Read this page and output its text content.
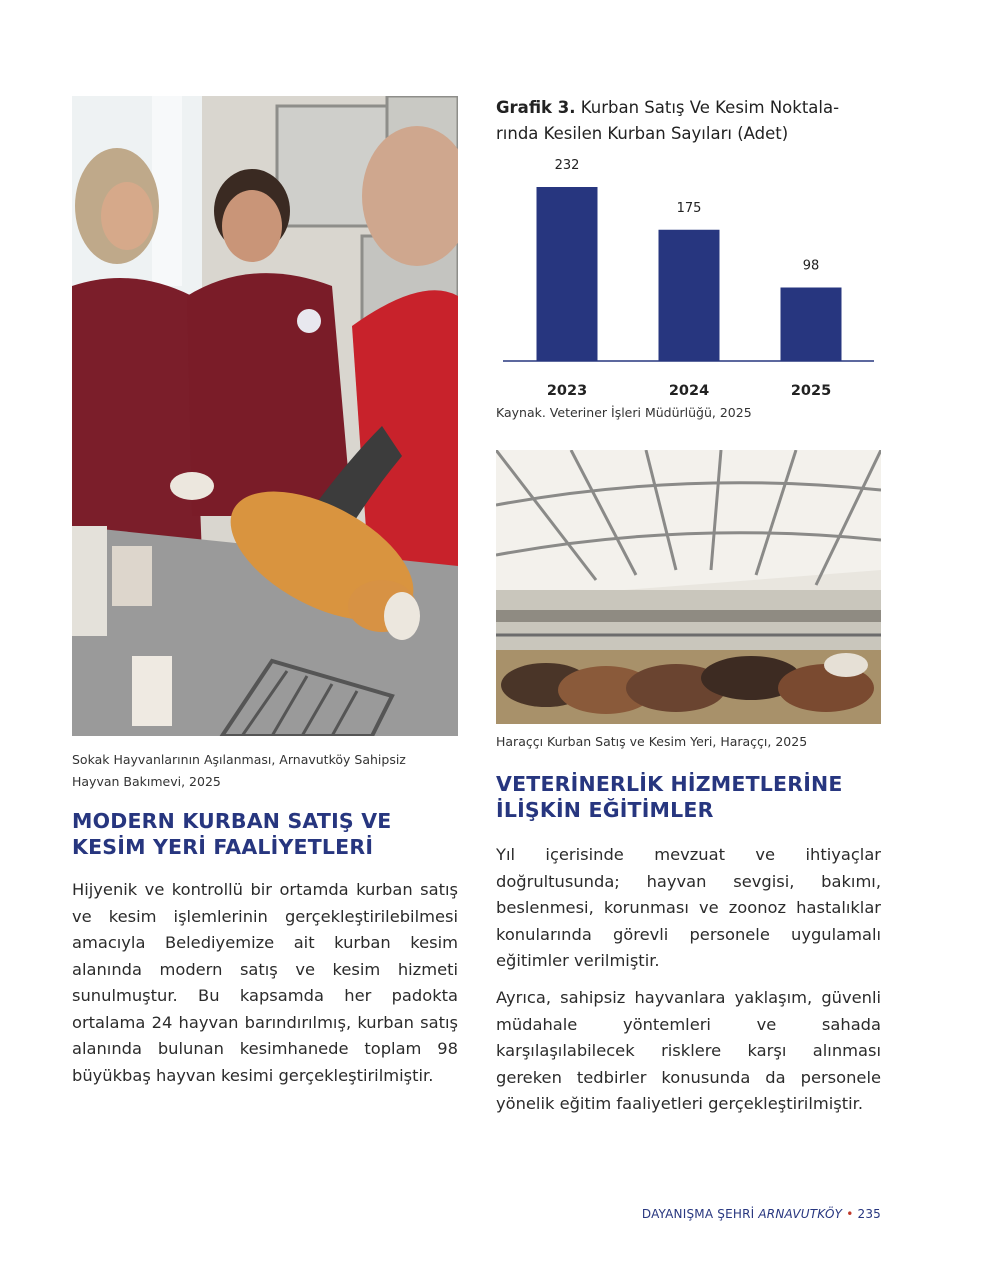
Sokak Hayvanlarının Aşılanması, Arnavutköy Sahipsiz
Hayvan Bakımevi, 2025
MODERN KURBAN SATIŞ VE
KESİM YERİ FAALİYETLERİ

Hijyenik ve kontrollü bir ortamda kurban satış ve kesim işlemlerinin gerçekleştirilebilmesi amacıyla Belediyemize ait kurban kesim alanında modern satış ve kesim hizmeti sunulmuştur. Bu kapsamda her padokta ortalama 24 hayvan barındırılmış, kurban satış alanında bulunan kesimhanede toplam 98 büyükbaş hayvan kesimi gerçekleştirilmiştir.

Grafik 3. Kurban Satış Ve Kesim Noktala-
rında Kesilen Kurban Sayıları (Adet)
232
2023
175
2024
98
2025
Kaynak. Veteriner İşleri Müdürlüğü, 2025
Haraççı Kurban Satış ve Kesim Yeri, Haraççı, 2025
VETERİNERLİK HİZMETLERİNE
İLİŞKİN EĞİTİMLER

Yıl içerisinde mevzuat ve ihtiyaçlar doğrultusunda; hayvan sevgisi, bakımı, beslenmesi, korunması ve zoonoz hastalıklar konularında görevli personele uygulamalı eğitimler verilmiştir.

Ayrıca, sahipsiz hayvanlara yaklaşım, güvenli müdahale yöntemleri ve sahada karşılaşılabilecek risklere karşı alınması gereken tedbirler konusunda da personele yönelik eğitim faaliyetleri gerçekleştirilmiştir.

DAYANIŞMA ŞEHRİ ARNAVUTKÖY • 235
